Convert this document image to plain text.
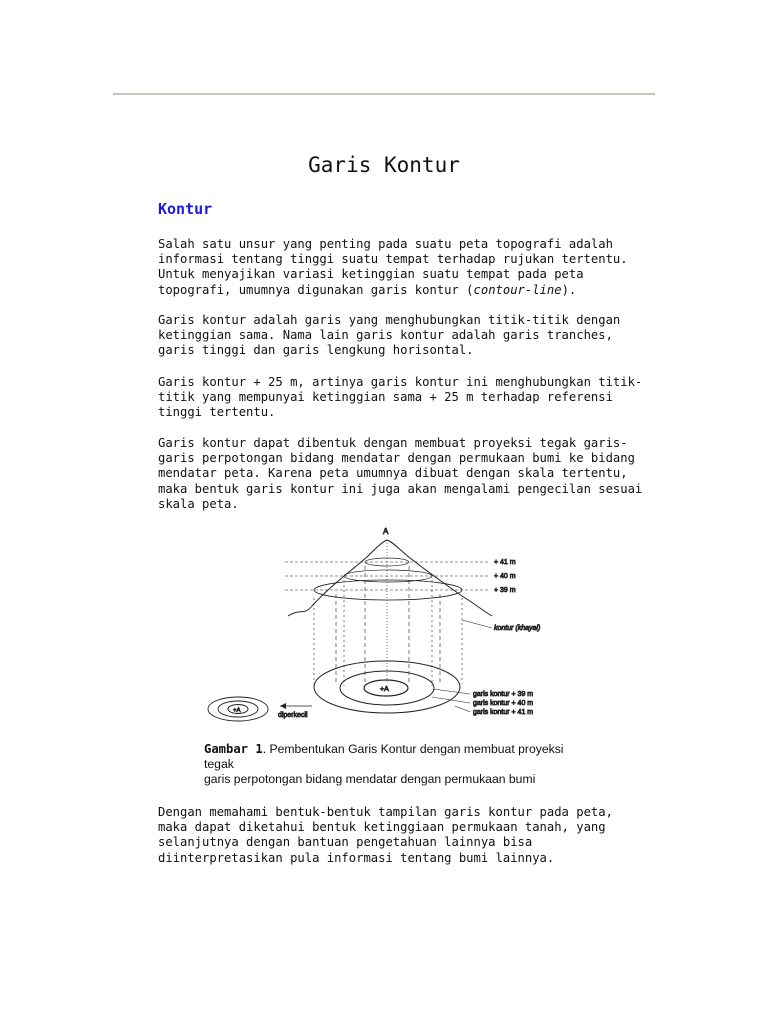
Garis Kontur
Kontur

Salah satu unsur yang penting pada suatu peta topografi adalah
informasi tentang tinggi suatu tempat terhadap rujukan tertentu.
Untuk menyajikan variasi ketinggian suatu tempat pada peta
topografi, umumnya digunakan garis kontur (contour-line).

Garis kontur adalah garis yang menghubungkan titik-titik dengan
ketinggian sama. Nama lain garis kontur adalah garis tranches,
garis tinggi dan garis lengkung horisontal.

Garis kontur + 25 m, artinya garis kontur ini menghubungkan titik-
titik yang mempunyai ketinggian sama + 25 m terhadap referensi
tinggi tertentu.

Garis kontur dapat dibentuk dengan membuat proyeksi tegak garis-
garis perpotongan bidang mendatar dengan permukaan bumi ke bidang
mendatar peta. Karena peta umumnya dibuat dengan skala tertentu,
maka bentuk garis kontur ini juga akan mengalami pengecilan sesuai
skala peta.

A
+ 41 m
+ 40 m
+ 39 m
kontur (khayal)
+A
garis kontur + 39 m
garis kontur + 40 m
garis kontur + 41 m
+A
diperkecil
Gambar 1. Pembentukan Garis Kontur dengan membuat proyeksi
tegak
garis perpotongan bidang mendatar dengan permukaan bumi

Dengan memahami bentuk-bentuk tampilan garis kontur pada peta,
maka dapat diketahui bentuk ketinggiaan permukaan tanah, yang
selanjutnya dengan bantuan pengetahuan lainnya bisa
diinterpretasikan pula informasi tentang bumi lainnya.
